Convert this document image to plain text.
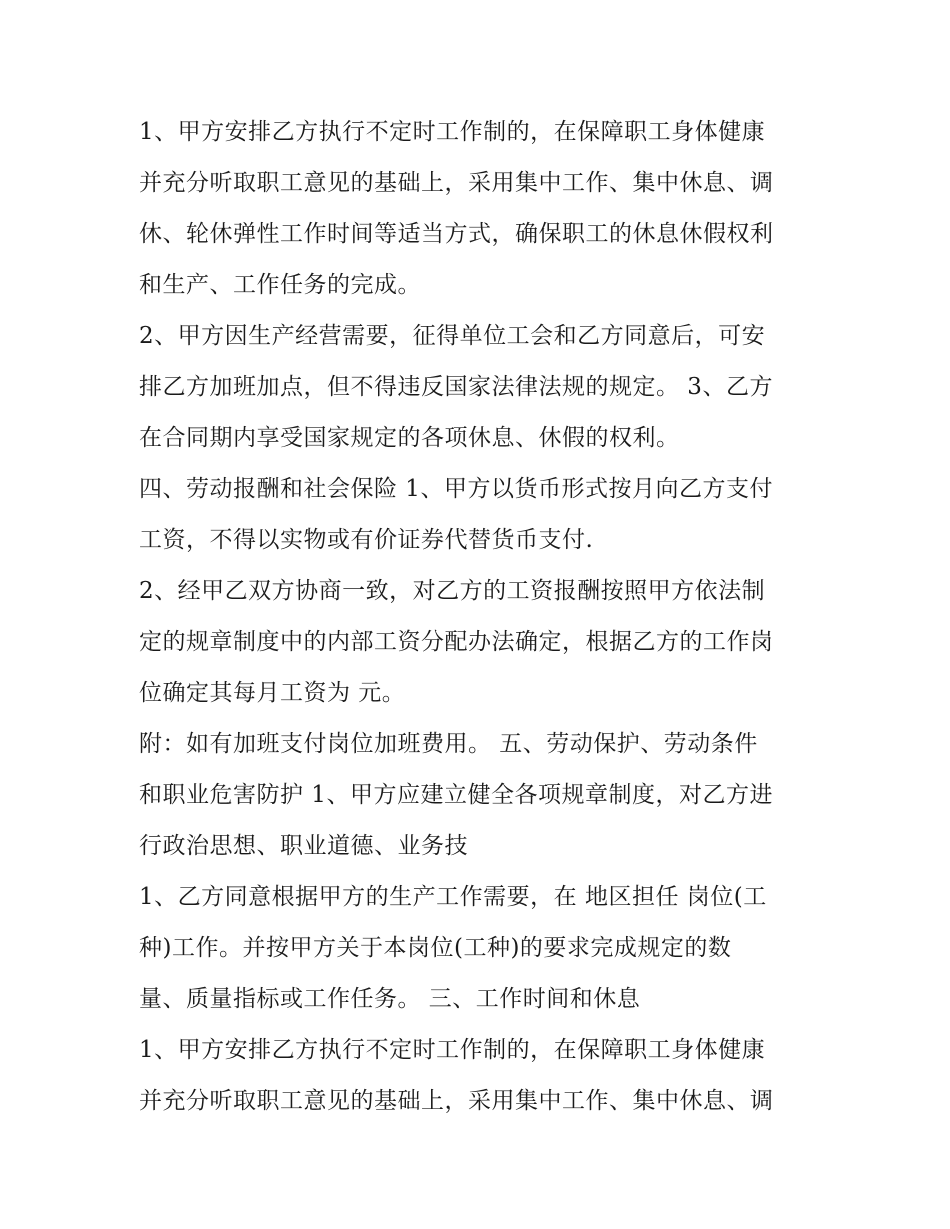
1、甲方安排乙方执行不定时工作制的，在保障职工身体健康
并充分听取职工意见的基础上，采用集中工作、集中休息、调
休、轮休弹性工作时间等适当方式，确保职工的休息休假权利
和生产、工作任务的完成。
2、甲方因生产经营需要，征得单位工会和乙方同意后，可安
排乙方加班加点，但不得违反国家法律法规的规定。 3、乙方
在合同期内享受国家规定的各项休息、休假的权利。
四、劳动报酬和社会保险 1、甲方以货币形式按月向乙方支付
工资，不得以实物或有价证券代替货币支付.
2、经甲乙双方协商一致，对乙方的工资报酬按照甲方依法制
定的规章制度中的内部工资分配办法确定，根据乙方的工作岗
位确定其每月工资为 元。
附：如有加班支付岗位加班费用。 五、劳动保护、劳动条件
和职业危害防护 1、甲方应建立健全各项规章制度，对乙方进
行政治思想、职业道德、业务技
1、乙方同意根据甲方的生产工作需要，在 地区担任 岗位(工
种)工作。并按甲方关于本岗位(工种)的要求完成规定的数
量、质量指标或工作任务。 三、工作时间和休息
1、甲方安排乙方执行不定时工作制的，在保障职工身体健康
并充分听取职工意见的基础上，采用集中工作、集中休息、调
